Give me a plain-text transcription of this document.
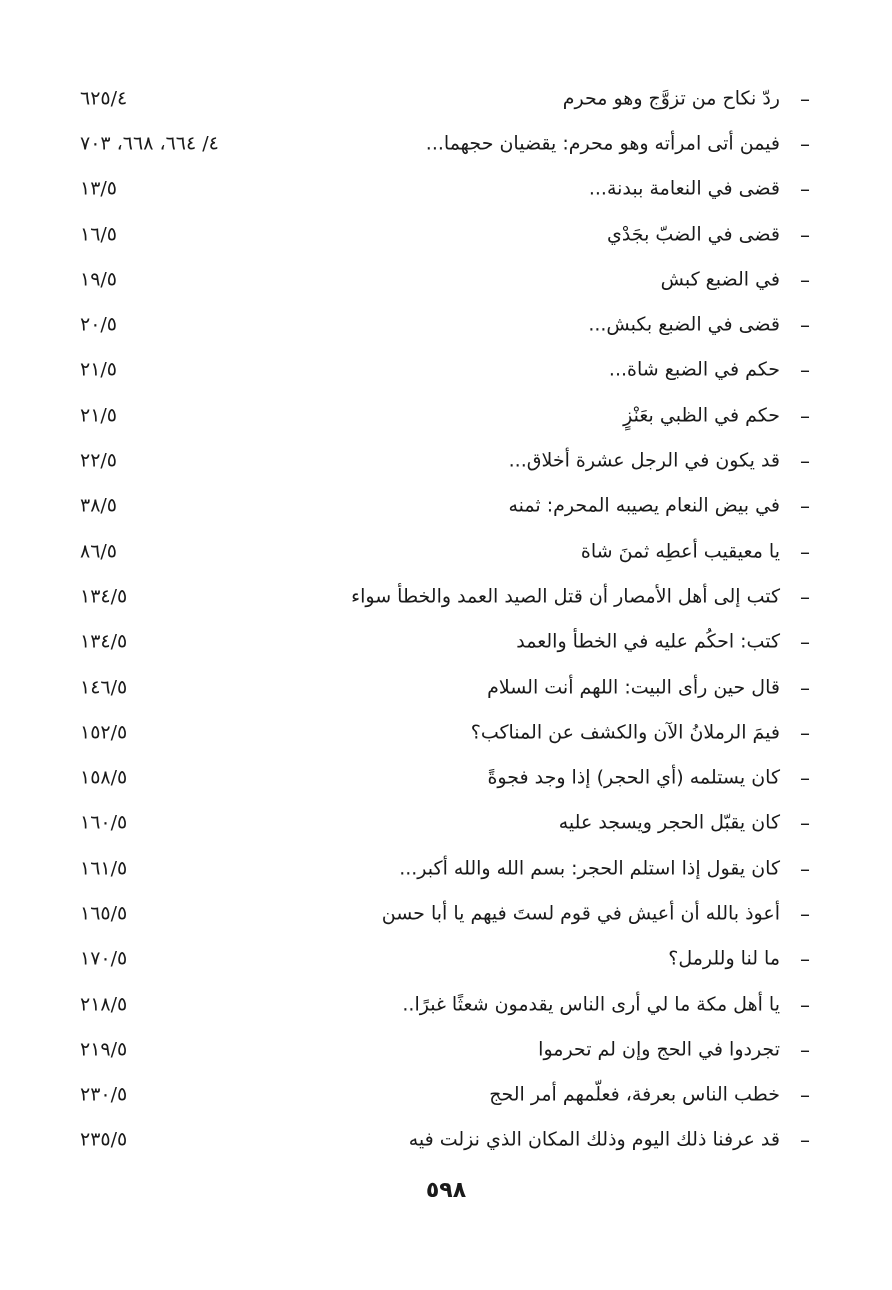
–
ردّ نكاح من تزوَّج وهو محرم
٦٢٥/٤
–
فيمن أتى امرأته وهو محرم: يقضيان حجهما...
٤/ ٦٦٤، ٦٦٨، ٧٠٣
–
قضى في النعامة ببدنة...
١٣/٥
–
قضى في الضبّ بجَدْي
١٦/٥
–
في الضبع كبش
١٩/٥
–
قضى في الضبع بكبش...
٢٠/٥
–
حكم في الضبع شاة...
٢١/٥
–
حكم في الظبي بعَنْزٍ
٢١/٥
–
قد يكون في الرجل عشرة أخلاق...
٢٢/٥
–
في بيض النعام يصيبه المحرم: ثمنه
٣٨/٥
–
يا معيقيب أعطِه ثمنَ شاة
٨٦/٥
–
كتب إلى أهل الأمصار أن قتل الصيد العمد والخطأ سواء
١٣٤/٥
–
كتب: احكُم عليه في الخطأ والعمد
١٣٤/٥
–
قال حين رأى البيت: اللهم أنت السلام
١٤٦/٥
–
فيمَ الرملانُ الآن والكشف عن المناكب؟
١٥٢/٥
–
كان يستلمه (أي الحجر) إذا وجد فجوةً
١٥٨/٥
–
كان يقبّل الحجر ويسجد عليه
١٦٠/٥
–
كان يقول إذا استلم الحجر: بسم الله والله أكبر...
١٦١/٥
–
أعوذ بالله أن أعيش في قوم لستَ فيهم يا أبا حسن
١٦٥/٥
–
ما لنا وللرمل؟
١٧٠/٥
–
يا أهل مكة ما لي أرى الناس يقدمون شعثًا غبرًا..
٢١٨/٥
–
تجردوا في الحج وإن لم تحرموا
٢١٩/٥
–
خطب الناس بعرفة، فعلّمهم أمر الحج
٢٣٠/٥
–
قد عرفنا ذلك اليوم وذلك المكان الذي نزلت فيه
٢٣٥/٥
٥٩٨
